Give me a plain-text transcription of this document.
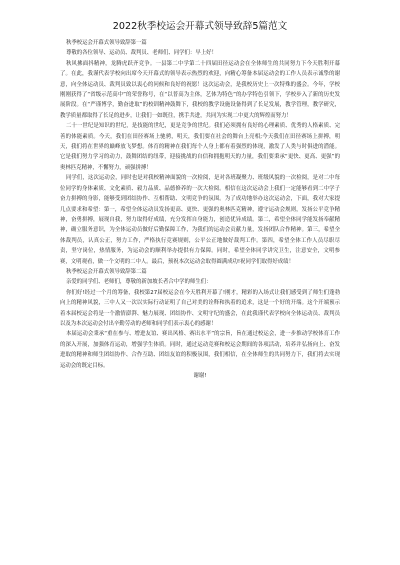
2022秋季校运会开幕式领导致辞5篇范文

秋季校运会开幕式领导致辞第一篇

尊敬的各位领导、运动员、裁判员、老师们、同学们：早上好！

秋风拂面抖精神，龙腾虎跃齐竞争。一县第二中学第二十四届田径运动会在全体师生的共同努力下今天胜利开幕了。在此，我谨代表学校向出席今天开幕式的领导表示热烈的欢迎，向精心筹备本届运动会的工作人员表示诚挚的谢意，向全体运动员、裁判员致以衷心的问候和良好的祝愿！这次运动会，是我校历史上一次特殊的盛会。今年，学校刚刚获得了“省级示范高中”的荣誉称号，在“以普高为主体，艺体为特色”的办学特色引领下，学校步入了新的历史发展阶段。在“严谨博学，勤奋进取”的校训精神鼓舞下，我校的教学设施设备得到了长足发展，教学管理，教学研究，教学质量都取得了长足的进步，让我们一如既往，携手共进，共同为实现二中更大的辉煌而努力！

二十一世纪是知识的世纪，是技能的世纪，更是竞争的世纪。我们必须拥有良好的心理素质、优秀的人格素质、完善的体能素质。今天，我们在田径赛场上驰骋，明天，我们要在社会的舞台上亮相;今天我们在田径赛场上拼搏，明天，我们将在世界的巅峰放飞梦想。体育的精神在我们每个人身上都有着强烈的体现，激发了人类与时俱进的潜能。它是我们努力学习的动力，鼓舞团结的纽带，迎接挑战的自信和拥抱明天的力量，我们要秉承“更快、更高、更强”的奥林匹克精神，不懈努力，顽强拼搏！

同学们，这次运动会，同时也是对我校精神面貌的一次检阅，是对各班凝聚力、班级风貌的一次检阅，是对二中每位同学的身体素质、文化素质、毅力品质、品德修养的一次大检阅。相信在这次运动会上我们一定能够看到二中学子奋力拼搏的身影，能够受到团结协作、互相帮助、文明竞争的氛围。为了成功地举办这次运动会，下面，我对大家提几点要求和希望：第一，希望全体运动员发扬更高、更快、更强的奥林匹克精神，遵守运动会规则，发扬公平竞争精神，奋勇拼搏，展现自我，努力取得好成绩，充分发挥自身能力，创造优异成绩。第二，希望全体同学能发扬奉献精神，确立服务意识，为全体运动员做好后勤保障工作，为我们的运动会贡献力量，发扬团队合作精神。第三，希望全体裁判员，认真公正，努力工作，严格执行竞赛规则，公平公正地做好裁判工作。第四，希望全体工作人员尽职尽责，坚守岗位，热情服务，为运动会的顺利举办提供有力保障。同时，希望全体同学讲究卫生，注意安全，文明参赛，文明观看，做一个文明的二中人。最后，预祝本次运动会取得圆满成功!祝同学们取得好成绩！

秋季校运会开幕式领导致辞第二篇

亲爱的同学们、老师们，尊敬的新加坡长者合中学的师生们：

你们好!经过一个月的筹备，我校第27届校运会在今天胜利开幕了!刚才，精彩的入场式让我们感受到了师生们蓬勃向上的精神风貌，三中人又一次以实际行动证明了自己对美的诠释和执着的追求，这是一个好的开端。这个开端预示着本届校运会将是一个激情澎湃、魅力展现、团结协作、文明守纪的盛会，在此我谨代表学校向全体运动员、裁判员以及为本次运动会付出辛勤劳动的老师和同学们表示衷心的感谢！

本届运动会秉承“重在参与、增进友谊、赛出风格、赛出水平”的宗旨，旨在通过校运会，进一步推动学校体育工作的深入开展，加强体育运动，增强学生体质。同时，通过运动竞赛和校运会期间的各项活动，培养并弘扬向上、奋发进取的精神和师生团结协作、合作互助、团结友谊的积极氛围，我们相信，在全体师生的共同努力下，我们将去实现运动会的既定目标。

谢谢!
